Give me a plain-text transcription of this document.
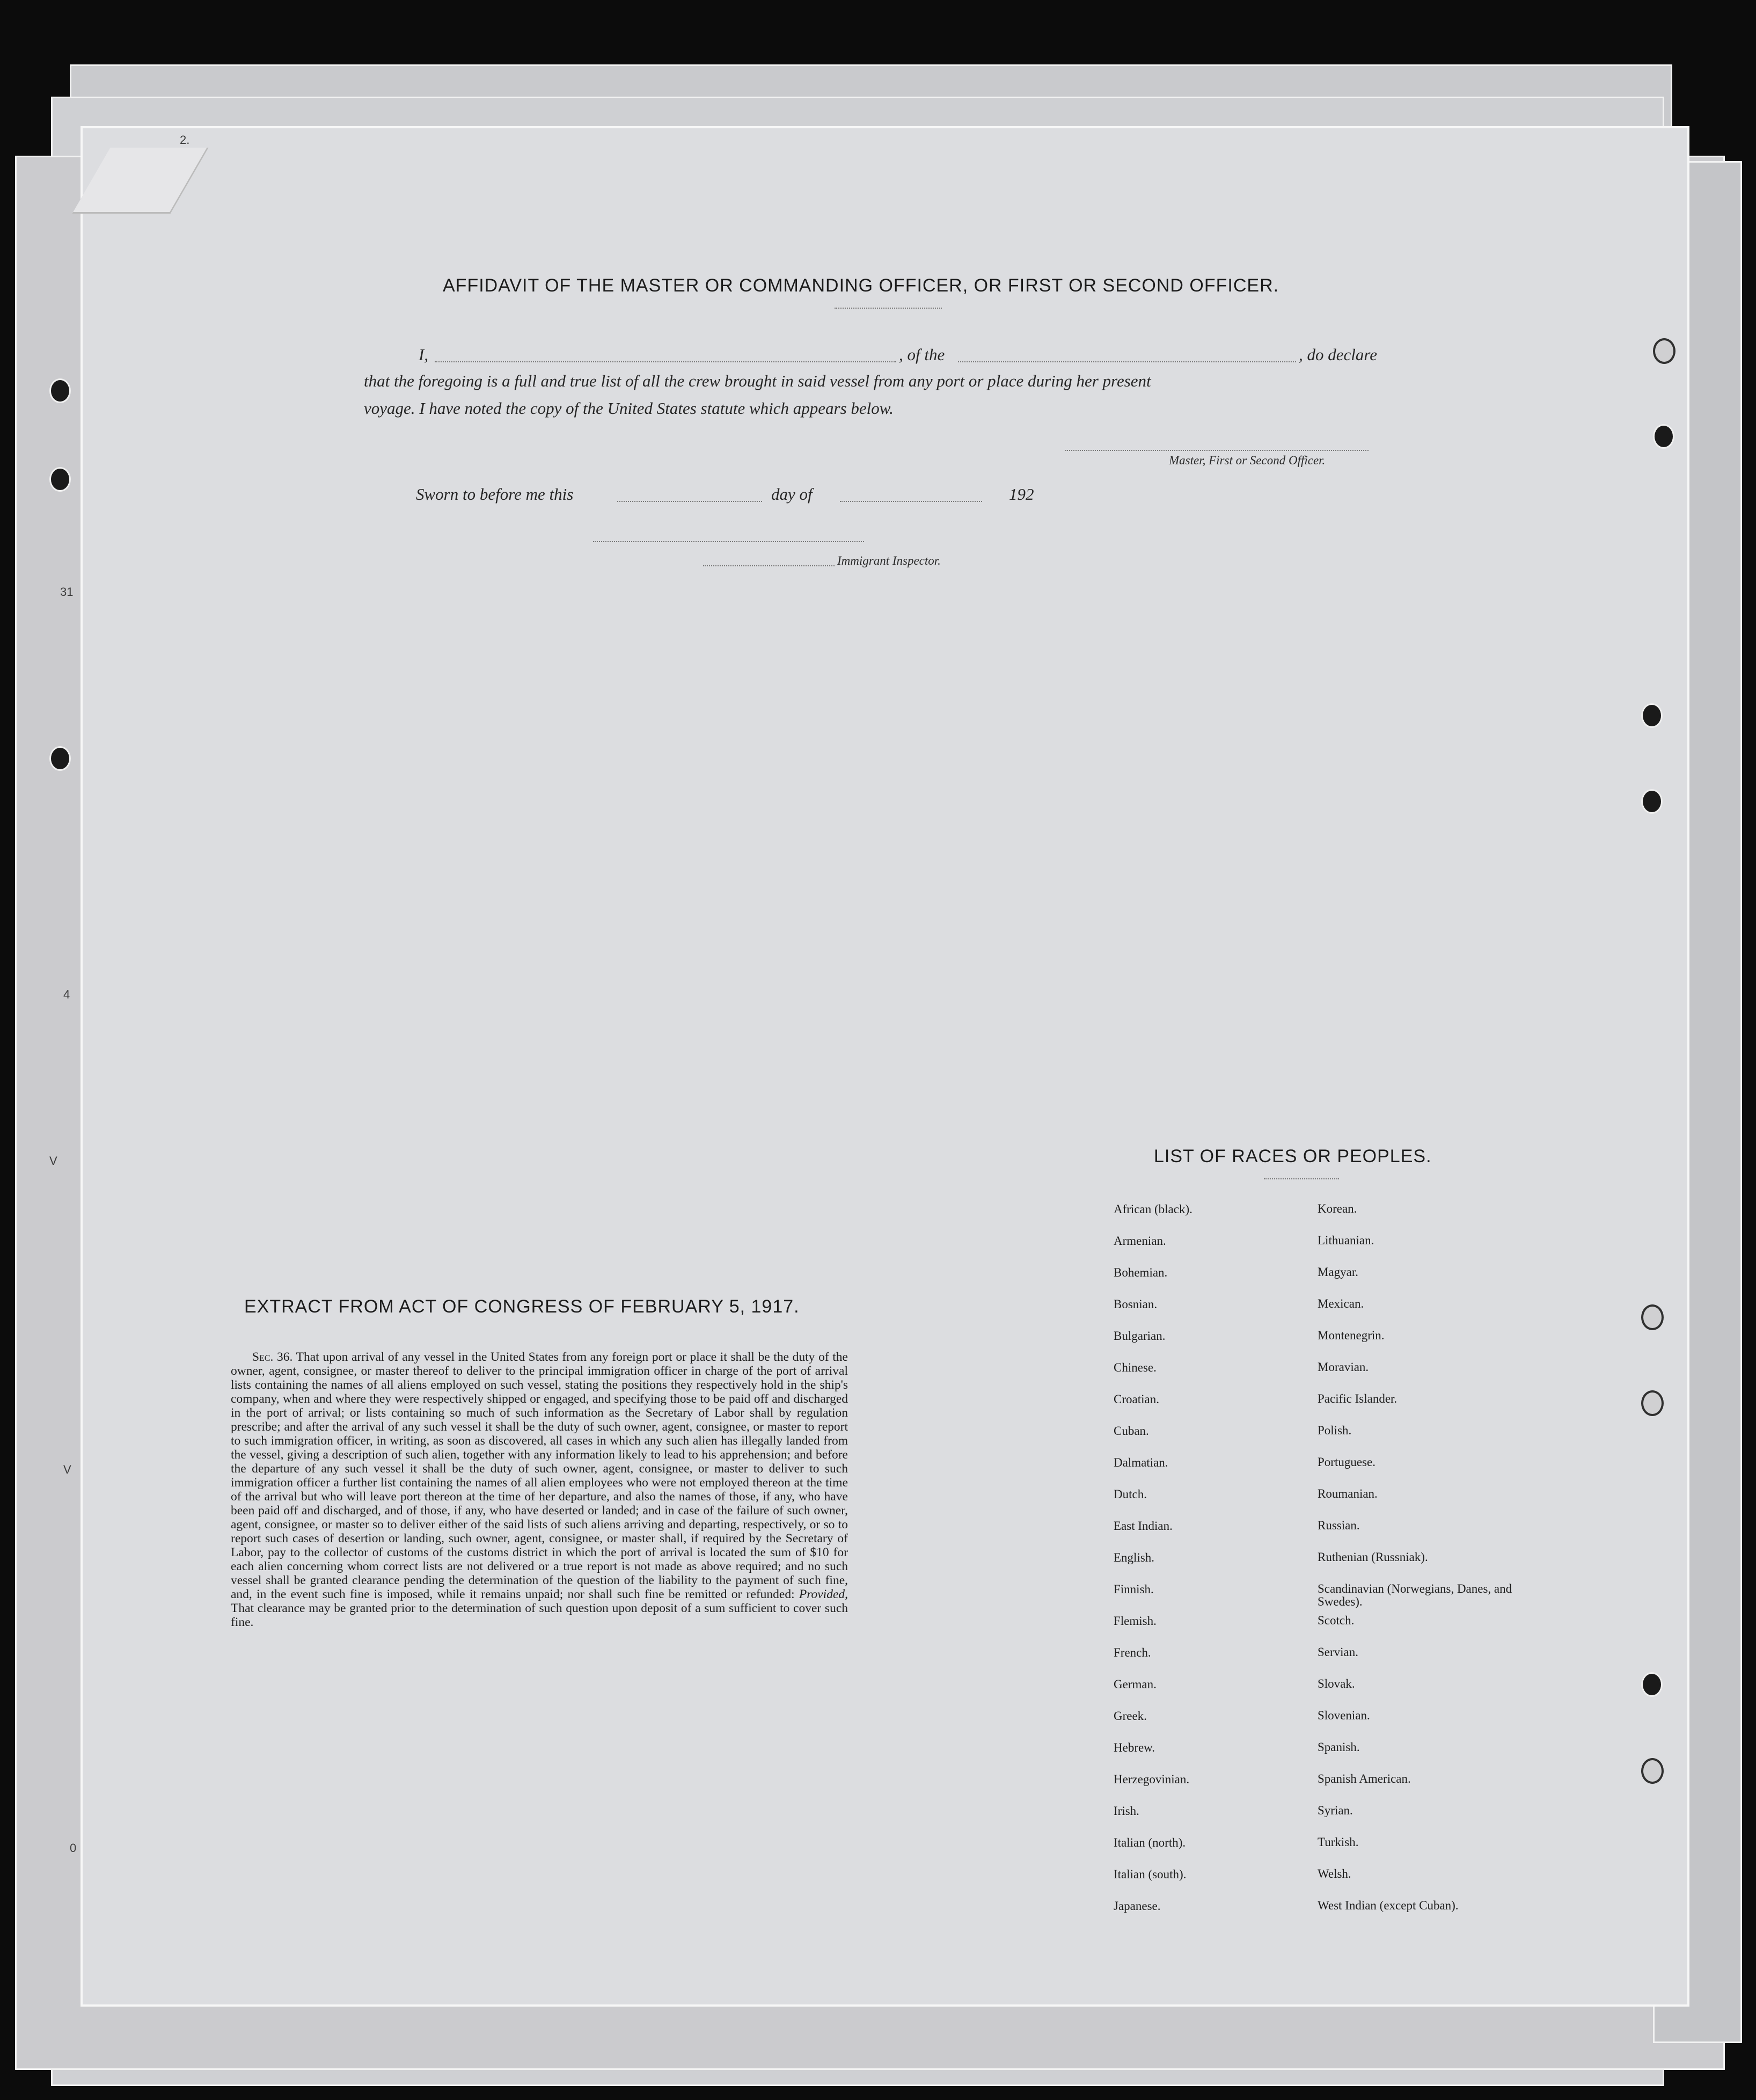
2.
31
4
V
V
0
AFFIDAVIT OF THE MASTER OR COMMANDING OFFICER, OR FIRST OR SECOND OFFICER.
I,	, of the	, do declare
that the foregoing is a full and true list of all the crew brought in said vessel from any port or place during her present
voyage. I have noted the copy of the United States statute which appears below.
Master, First or Second Officer.
Sworn to before me this	day of	192
Immigrant Inspector.
EXTRACT FROM ACT OF CONGRESS OF FEBRUARY 5, 1917.
Sec. 36. That upon arrival of any vessel in the United States from any foreign port or place it shall be the duty of the owner, agent, consignee, or master thereof to deliver to the principal immigration officer in charge of the port of arrival lists containing the names of all aliens employed on such vessel, stating the positions they respectively hold in the ship's company, when and where they were respectively shipped or engaged, and specifying those to be paid off and discharged in the port of arrival; or lists containing so much of such information as the Secretary of Labor shall by regulation prescribe; and after the arrival of any such vessel it shall be the duty of such owner, agent, consignee, or master to report to such immigration officer, in writing, as soon as discovered, all cases in which any such alien has illegally landed from the vessel, giving a description of such alien, together with any information likely to lead to his apprehension; and before the departure of any such vessel it shall be the duty of such owner, agent, consignee, or master to deliver to such immigration officer a further list containing the names of all alien employees who were not employed thereon at the time of the arrival but who will leave port thereon at the time of her departure, and also the names of those, if any, who have been paid off and discharged, and of those, if any, who have deserted or landed; and in case of the failure of such owner, agent, consignee, or master so to deliver either of the said lists of such aliens arriving and departing, respectively, or so to report such cases of desertion or landing, such owner, agent, consignee, or master shall, if required by the Secretary of Labor, pay to the collector of customs of the customs district in which the port of arrival is located the sum of $10 for each alien concerning whom correct lists are not delivered or a true report is not made as above required; and no such vessel shall be granted clearance pending the determination of the question of the liability to the payment of such fine, and, in the event such fine is imposed, while it remains unpaid; nor shall such fine be remitted or refunded: Provided, That clearance may be granted prior to the determination of such question upon deposit of a sum sufficient to cover such fine.
LIST OF RACES OR PEOPLES.
African (black).	Korean.
Armenian.	Lithuanian.
Bohemian.	Magyar.
Bosnian.	Mexican.
Bulgarian.	Montenegrin.
Chinese.	Moravian.
Croatian.	Pacific Islander.
Cuban.	Polish.
Dalmatian.	Portuguese.
Dutch.	Roumanian.
East Indian.	Russian.
English.	Ruthenian (Russniak).
Finnish.	Scandinavian (Norwegians, Danes, and Swedes).
Flemish.	Scotch.
French.	Servian.
German.	Slovak.
Greek.	Slovenian.
Hebrew.	Spanish.
Herzegovinian.	Spanish American.
Irish.	Syrian.
Italian (north).	Turkish.
Italian (south).	Welsh.
Japanese.	West Indian (except Cuban).
